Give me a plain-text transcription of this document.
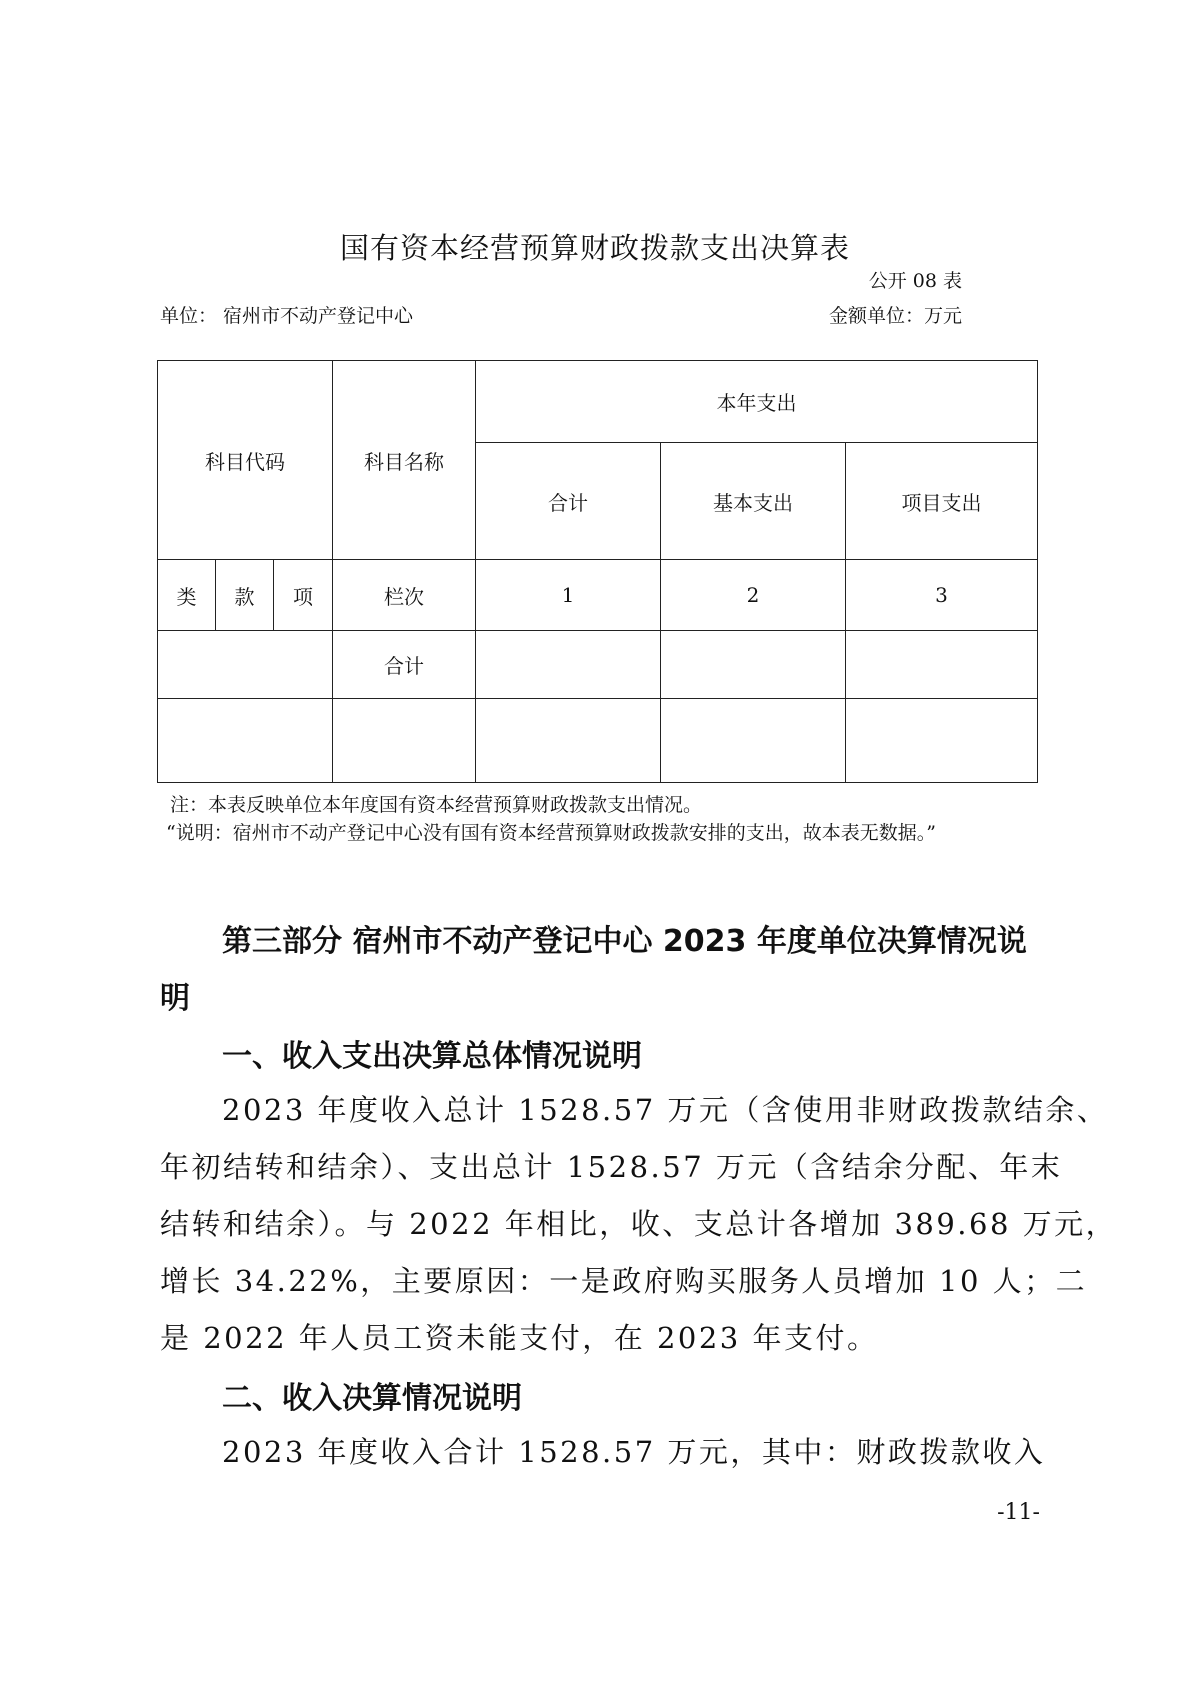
国有资本经营预算财政拨款支出决算表
公开 08 表
单位： 宿州市不动产登记中心	金额单位：万元
科目代码			科目名称	本年支出		
				合计	基本支出	项目支出
类	款	项	栏次	1	2	3
			合计			

注：本表反映单位本年度国有资本经营预算财政拨款支出情况。
“说明：宿州市不动产登记中心没有国有资本经营预算财政拨款安排的支出，故本表无数据。”
第三部分 宿州市不动产登记中心 2023 年度单位决算情况说
明
一、收入支出决算总体情况说明
2023 年度收入总计 1528.57 万元（含使用非财政拨款结余、
年初结转和结余）、支出总计 1528.57 万元（含结余分配、年末
结转和结余）。与 2022 年相比，收、支总计各增加 389.68 万元，
增长 34.22%，主要原因：一是政府购买服务人员增加 10 人；二
是 2022 年人员工资未能支付，在 2023 年支付。
二、收入决算情况说明
2023 年度收入合计 1528.57 万元，其中：财政拨款收入
-11-
